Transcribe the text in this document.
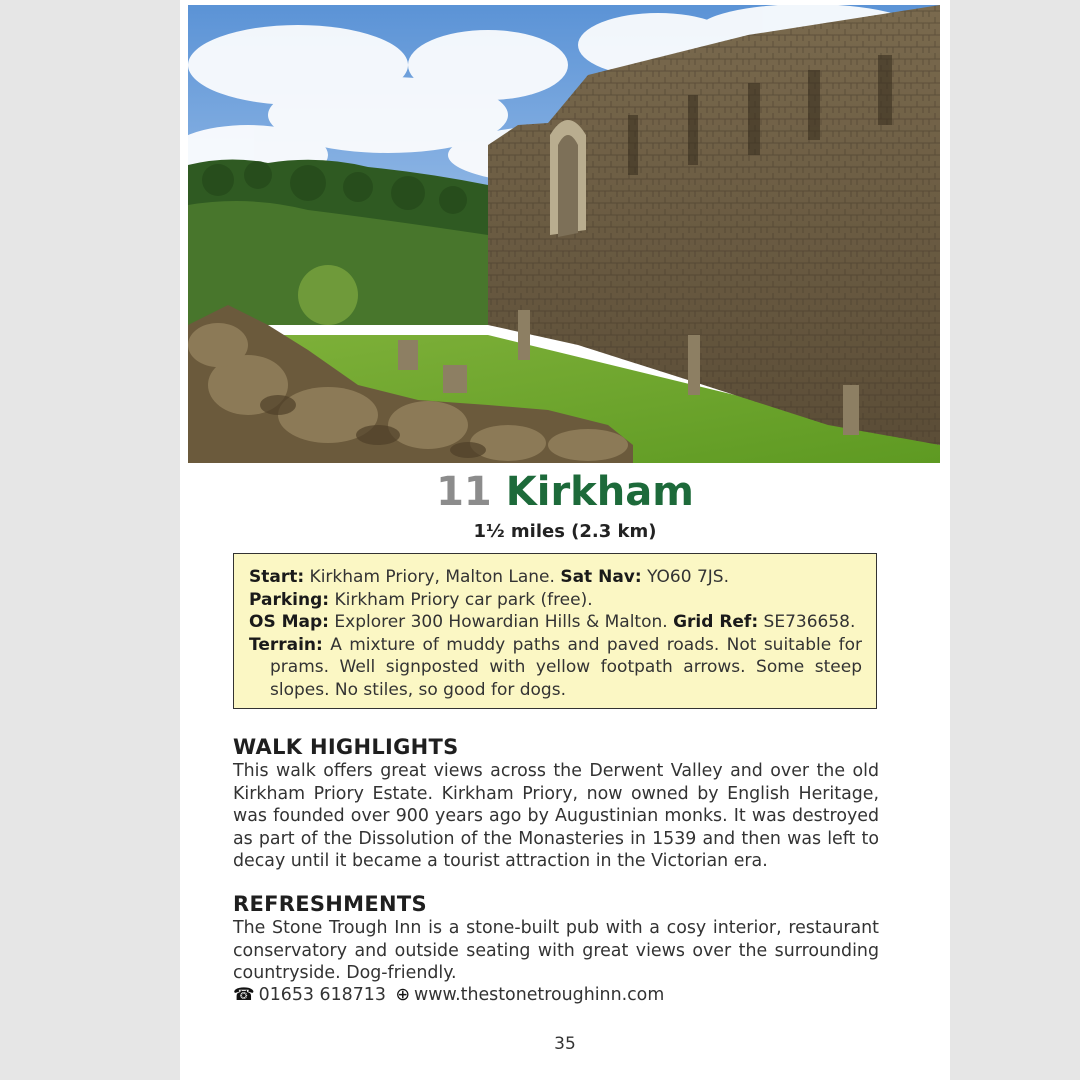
11 Kirkham
1½ miles (2.3 km)

Start: Kirkham Priory, Malton Lane. Sat Nav: YO60 7JS.

Parking: Kirkham Priory car park (free).

OS Map: Explorer 300 Howardian Hills & Malton. Grid Ref: SE736658.

Terrain: A mixture of muddy paths and paved roads. Not suitable for prams. Well signposted with yellow footpath arrows. Some steep slopes. No stiles, so good for dogs.

WALK HIGHLIGHTS

This walk offers great views across the Derwent Valley and over the old Kirkham Priory Estate. Kirkham Priory, now owned by English Heritage, was founded over 900 years ago by Augustinian monks. It was destroyed as part of the Dissolution of the Monasteries in 1539 and then was left to decay until it became a tourist attraction in the Victorian era.

REFRESHMENTS

The Stone Trough Inn is a stone-built pub with a cosy interior, restaurant conservatory and outside seating with great views over the surrounding countryside. Dog-friendly.

☎ 01653 618713 ⊕ www.thestonetroughinn.com
35
